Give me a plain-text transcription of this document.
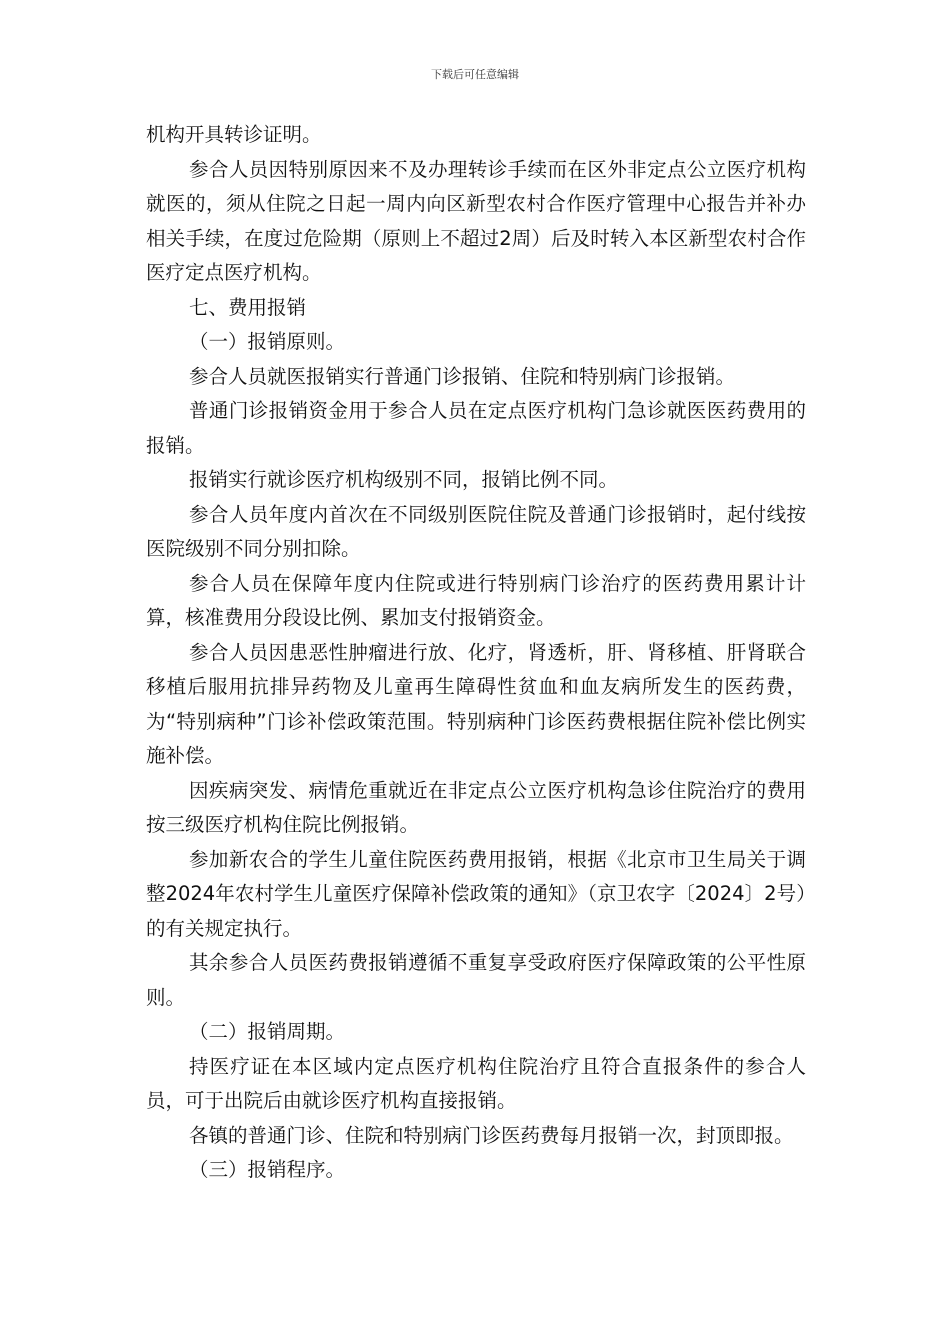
下载后可任意编辑

机构开具转诊证明。

参合人员因特别原因来不及办理转诊手续而在区外非定点公立医疗机构就医的，须从住院之日起一周内向区新型农村合作医疗管理中心报告并补办相关手续，在度过危险期（原则上不超过2周）后及时转入本区新型农村合作医疗定点医疗机构。

七、费用报销

（一）报销原则。

参合人员就医报销实行普通门诊报销、住院和特别病门诊报销。

普通门诊报销资金用于参合人员在定点医疗机构门急诊就医医药费用的报销。

报销实行就诊医疗机构级别不同，报销比例不同。

参合人员年度内首次在不同级别医院住院及普通门诊报销时，起付线按医院级别不同分别扣除。

参合人员在保障年度内住院或进行特别病门诊治疗的医药费用累计计算，核准费用分段设比例、累加支付报销资金。

参合人员因患恶性肿瘤进行放、化疗，肾透析，肝、肾移植、肝肾联合移植后服用抗排异药物及儿童再生障碍性贫血和血友病所发生的医药费，为“特别病种”门诊补偿政策范围。特别病种门诊医药费根据住院补偿比例实施补偿。

因疾病突发、病情危重就近在非定点公立医疗机构急诊住院治疗的费用按三级医疗机构住院比例报销。

参加新农合的学生儿童住院医药费用报销，根据《北京市卫生局关于调整2024年农村学生儿童医疗保障补偿政策的通知》（京卫农字〔2024〕2号）的有关规定执行。

其余参合人员医药费报销遵循不重复享受政府医疗保障政策的公平性原则。

（二）报销周期。

持医疗证在本区域内定点医疗机构住院治疗且符合直报条件的参合人员，可于出院后由就诊医疗机构直接报销。

各镇的普通门诊、住院和特别病门诊医药费每月报销一次，封顶即报。

（三）报销程序。
